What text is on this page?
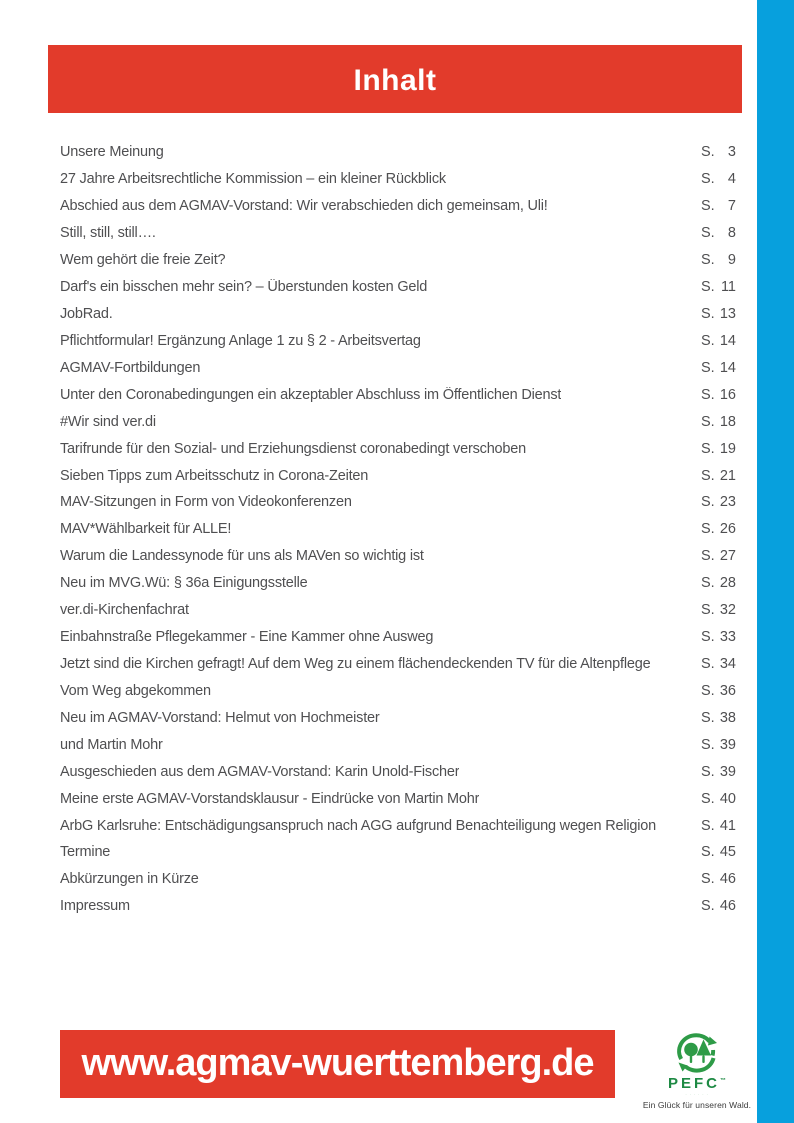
Inhalt
Unsere Meinung	S. 3
27 Jahre Arbeitsrechtliche Kommission – ein kleiner Rückblick	S. 4
Abschied aus dem AGMAV-Vorstand: Wir verabschieden dich gemeinsam, Uli!	S. 7
Still, still, still….	S. 8
Wem gehört die freie Zeit?	S. 9
Darf's ein bisschen mehr sein? – Überstunden kosten Geld	S. 11
JobRad.	S. 13
Pflichtformular! Ergänzung Anlage 1 zu § 2 - Arbeitsvertag	S. 14
AGMAV-Fortbildungen	S. 14
Unter den Coronabedingungen ein akzeptabler Abschluss im Öffentlichen Dienst	S. 16
#Wir sind ver.di	S. 18
Tarifrunde für den Sozial- und Erziehungsdienst coronabedingt verschoben	S. 19
Sieben Tipps zum Arbeitsschutz in Corona-Zeiten	S. 21
MAV-Sitzungen in Form von Videokonferenzen	S. 23
MAV*Wählbarkeit für ALLE!	S. 26
Warum die Landessynode für uns als MAVen so wichtig ist	S. 27
Neu im MVG.Wü: § 36a Einigungsstelle	S. 28
ver.di-Kirchenfachrat	S. 32
Einbahnstraße Pflegekammer - Eine Kammer ohne Ausweg	S. 33
Jetzt sind die Kirchen gefragt! Auf dem Weg zu einem flächendeckenden TV für die Altenpflege	S. 34
Vom Weg abgekommen	S. 36
Neu im AGMAV-Vorstand: Helmut von Hochmeister	S. 38
und Martin Mohr	S. 39
Ausgeschieden aus dem AGMAV-Vorstand: Karin Unold-Fischer	S. 39
Meine erste AGMAV-Vorstandsklausur - Eindrücke von Martin Mohr	S. 40
ArbG Karlsruhe: Entschädigungsanspruch nach AGG aufgrund Benachteiligung wegen Religion	S. 41
Termine	S. 45
Abkürzungen in Kürze	S. 46
Impressum	S. 46
www.agmav-wuerttemberg.de	PEFC™
∙ ∙ ∙ ∙ ∙ ∙
Ein Glück für unseren Wald.
